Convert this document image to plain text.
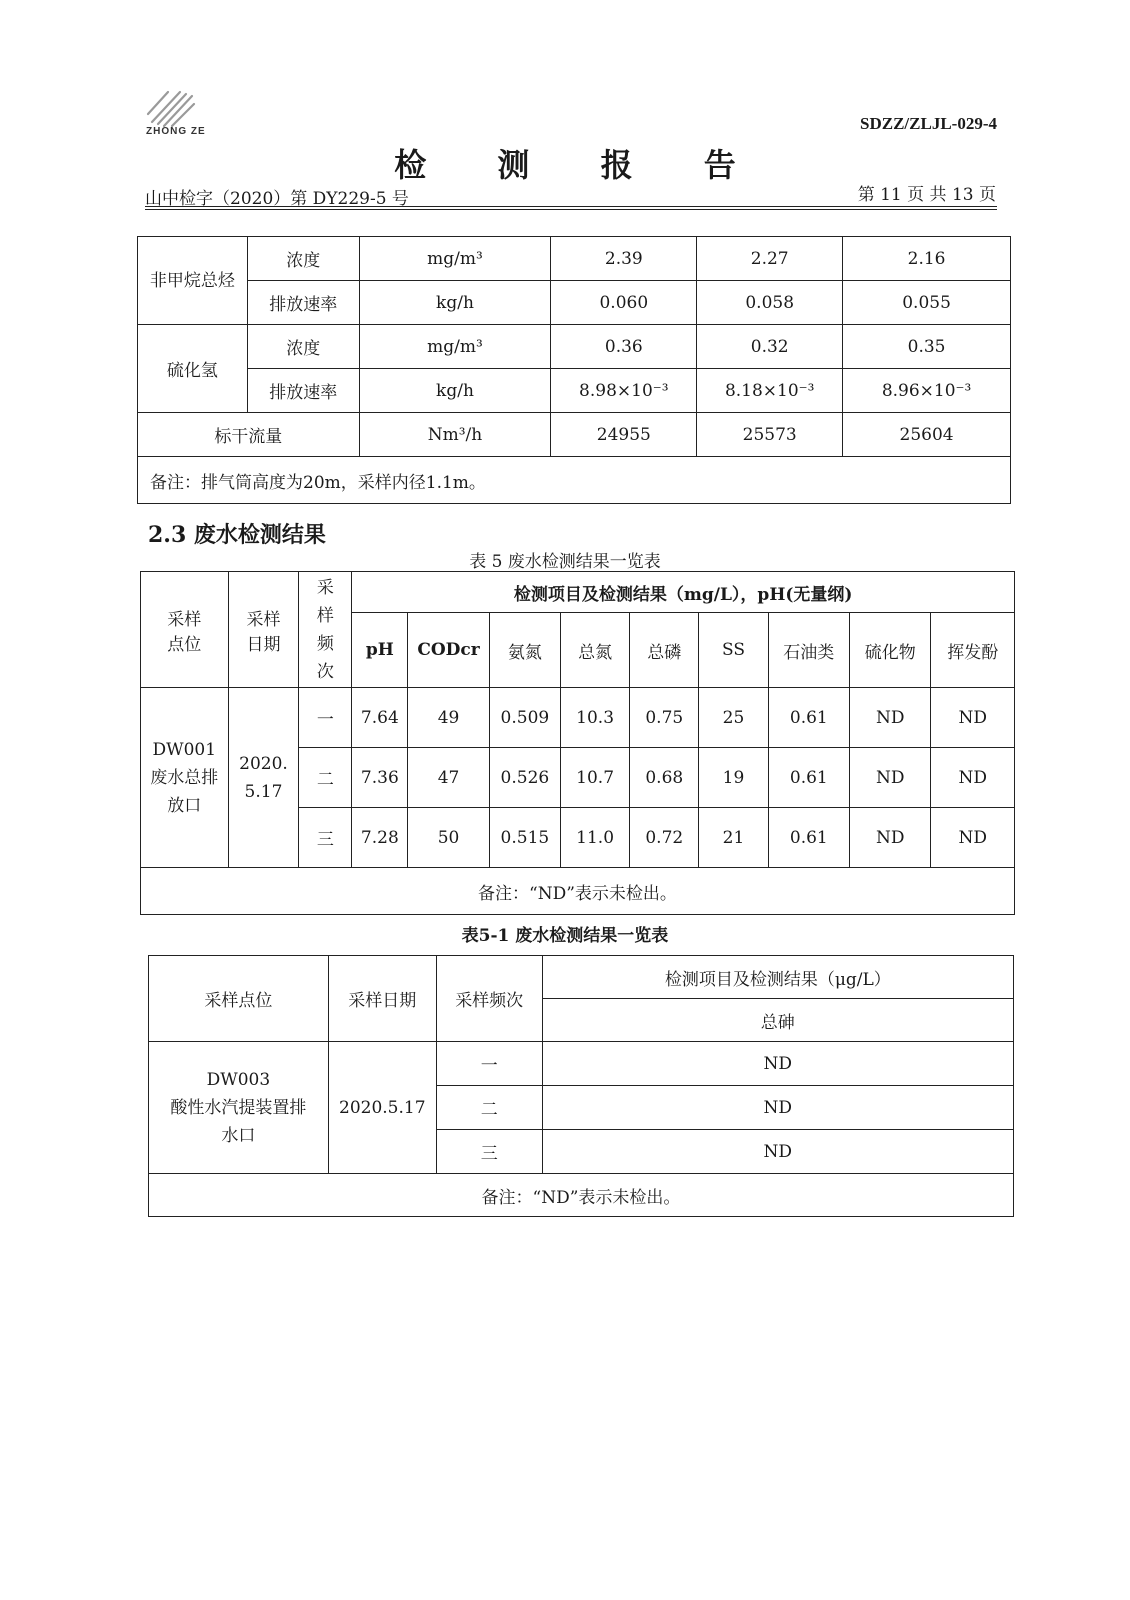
ZHONG ZE	SDZZ/ZLJL-029-4
检 测 报 告
山中检字（2020）第 DY229-5 号	第 11 页 共 13 页
非甲烷总烃	浓度	mg/m³	2.39	2.27	2.16
	排放速率	kg/h	0.060	0.058	0.055
硫化氢	浓度	mg/m³	0.36	0.32	0.35
	排放速率	kg/h	8.98×10⁻³	8.18×10⁻³	8.96×10⁻³
标干流量		Nm³/h	24955	25573	25604
备注：排气筒高度为20m，采样内径1.1m。					
2.3 废水检测结果
表 5 废水检测结果一览表
采样点位	采样日期	采样频次	检测项目及检测结果（mg/L），pH(无量纲)								
			pH	CODcr	氨氮	总氮	总磷	SS	石油类	硫化物	挥发酚
DW001 废水总排放口	2020. 5.17	一	7.64	49	0.509	10.3	0.75	25	0.61	ND	ND
		二	7.36	47	0.526	10.7	0.68	19	0.61	ND	ND
		三	7.28	50	0.515	11.0	0.72	21	0.61	ND	ND
备注：“ND”表示未检出。											
表5-1 废水检测结果一览表
采样点位	采样日期	采样频次	检测项目及检测结果（μg/L）
			总砷

DW003
酸性水汽提装置排
水口	2020.5.17	一	ND
		二	ND
		三	ND
备注：“ND”表示未检出。			
